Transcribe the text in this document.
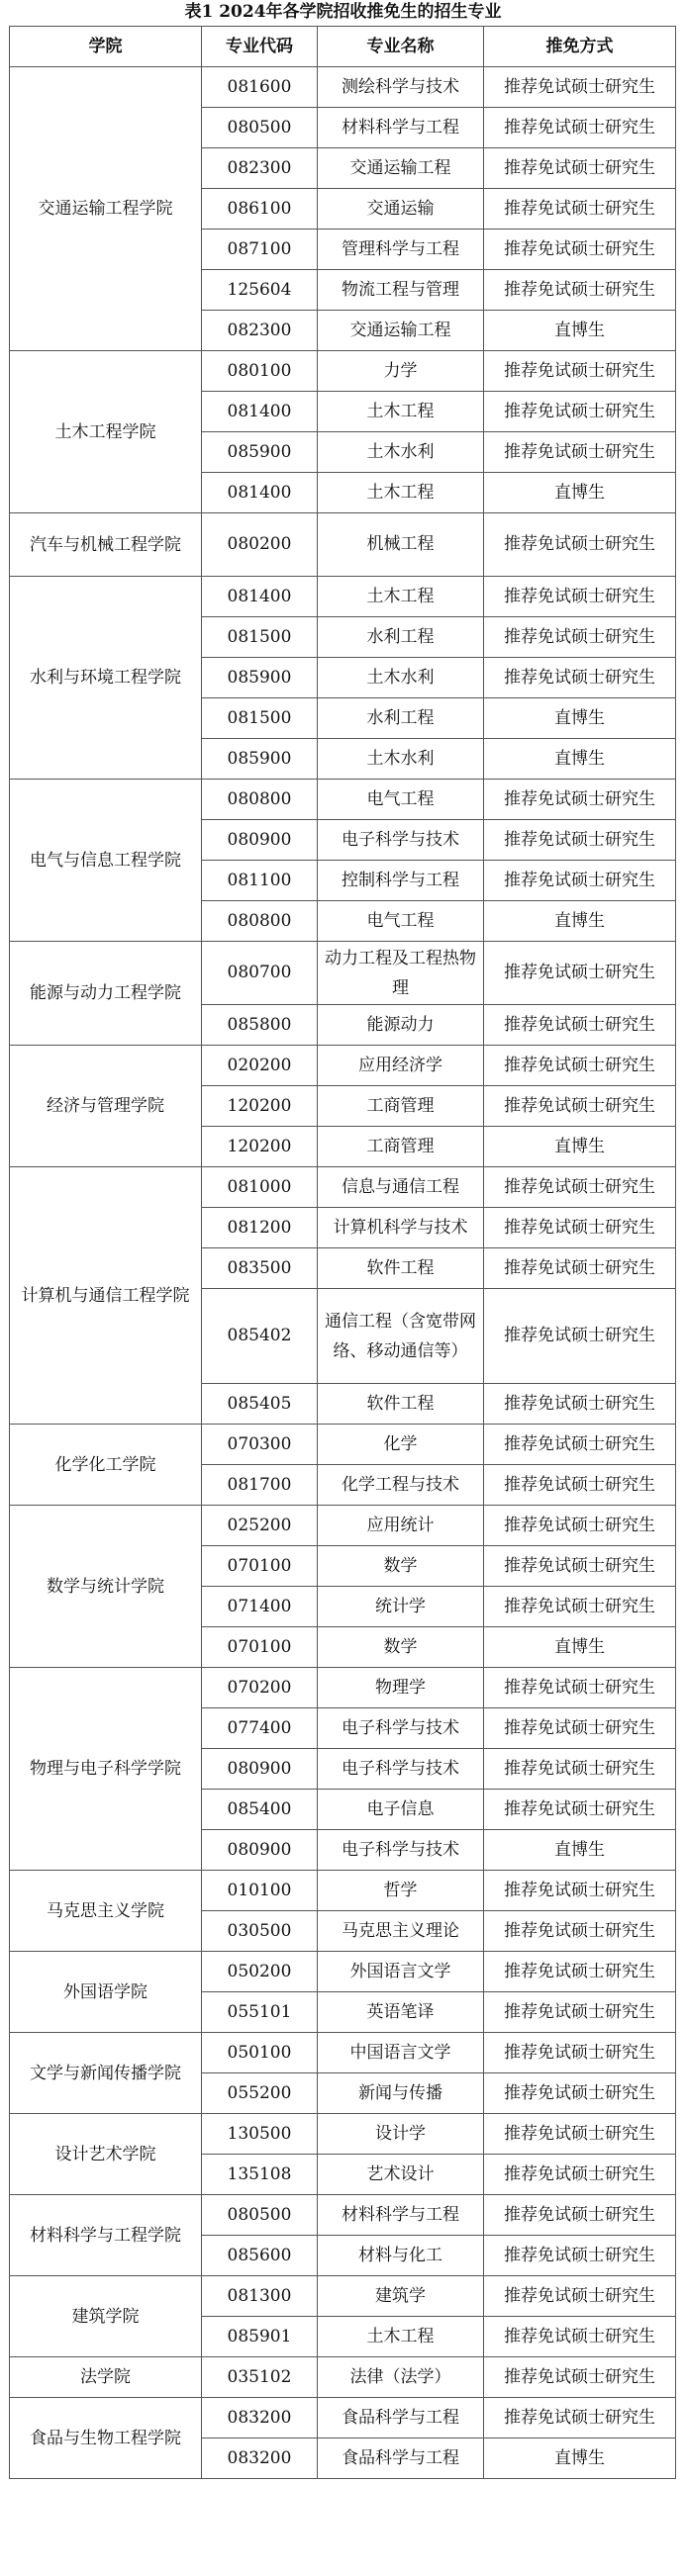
表1 2024年各学院招收推免生的招生专业
学院	专业代码	专业名称	推免方式
交通运输工程学院	081600	测绘科学与技术	推荐免试硕士研究生
	080500	材料科学与工程	推荐免试硕士研究生
	082300	交通运输工程	推荐免试硕士研究生
	086100	交通运输	推荐免试硕士研究生
	087100	管理科学与工程	推荐免试硕士研究生
	125604	物流工程与管理	推荐免试硕士研究生
	082300	交通运输工程	直博生
土木工程学院	080100	力学	推荐免试硕士研究生
	081400	土木工程	推荐免试硕士研究生
	085900	土木水利	推荐免试硕士研究生
	081400	土木工程	直博生
汽车与机械工程学院	080200	机械工程	推荐免试硕士研究生
水利与环境工程学院	081400	土木工程	推荐免试硕士研究生
	081500	水利工程	推荐免试硕士研究生
	085900	土木水利	推荐免试硕士研究生
	081500	水利工程	直博生
	085900	土木水利	直博生
电气与信息工程学院	080800	电气工程	推荐免试硕士研究生
	080900	电子科学与技术	推荐免试硕士研究生
	081100	控制科学与工程	推荐免试硕士研究生
	080800	电气工程	直博生
能源与动力工程学院	080700	动力工程及工程热物理	推荐免试硕士研究生
	085800	能源动力	推荐免试硕士研究生
经济与管理学院	020200	应用经济学	推荐免试硕士研究生
	120200	工商管理	推荐免试硕士研究生
	120200	工商管理	直博生
计算机与通信工程学院	081000	信息与通信工程	推荐免试硕士研究生
	081200	计算机科学与技术	推荐免试硕士研究生
	083500	软件工程	推荐免试硕士研究生
	085402	通信工程（含宽带网络、移动通信等）	推荐免试硕士研究生
	085405	软件工程	推荐免试硕士研究生
化学化工学院	070300	化学	推荐免试硕士研究生
	081700	化学工程与技术	推荐免试硕士研究生
数学与统计学院	025200	应用统计	推荐免试硕士研究生
	070100	数学	推荐免试硕士研究生
	071400	统计学	推荐免试硕士研究生
	070100	数学	直博生
物理与电子科学学院	070200	物理学	推荐免试硕士研究生
	077400	电子科学与技术	推荐免试硕士研究生
	080900	电子科学与技术	推荐免试硕士研究生
	085400	电子信息	推荐免试硕士研究生
	080900	电子科学与技术	直博生
马克思主义学院	010100	哲学	推荐免试硕士研究生
	030500	马克思主义理论	推荐免试硕士研究生
外国语学院	050200	外国语言文学	推荐免试硕士研究生
	055101	英语笔译	推荐免试硕士研究生
文学与新闻传播学院	050100	中国语言文学	推荐免试硕士研究生
	055200	新闻与传播	推荐免试硕士研究生
设计艺术学院	130500	设计学	推荐免试硕士研究生
	135108	艺术设计	推荐免试硕士研究生
材料科学与工程学院	080500	材料科学与工程	推荐免试硕士研究生
	085600	材料与化工	推荐免试硕士研究生
建筑学院	081300	建筑学	推荐免试硕士研究生
	085901	土木工程	推荐免试硕士研究生
法学院	035102	法律（法学）	推荐免试硕士研究生
食品与生物工程学院	083200	食品科学与工程	推荐免试硕士研究生
	083200	食品科学与工程	直博生
